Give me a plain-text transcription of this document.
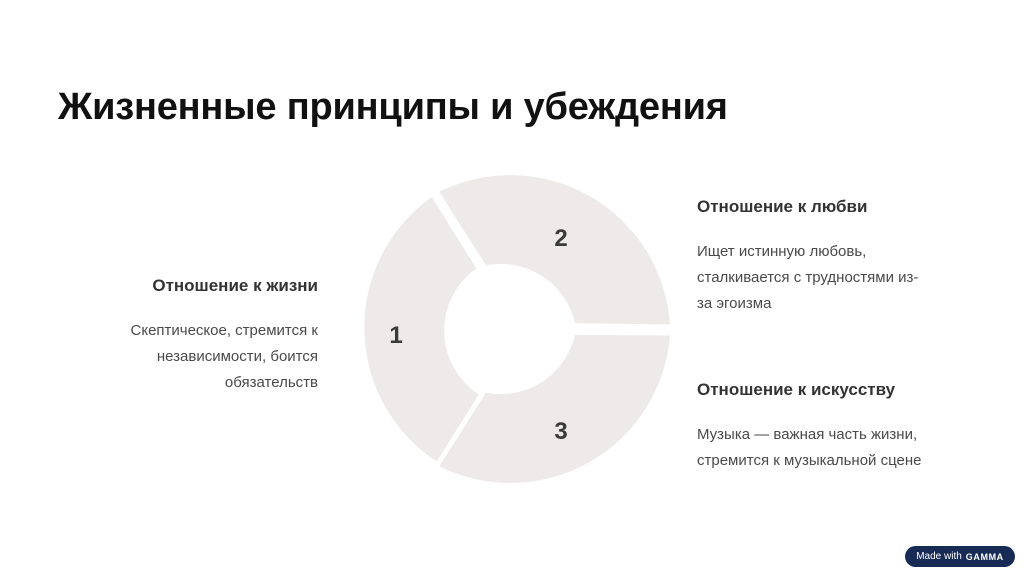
Жизненные принципы и убеждения
1
2
3
Отношение к жизни

Скептическое, стремится к
независимости, боится
обязательств

Отношение к любви

Ищет истинную любовь,
сталкивается с трудностями из-
за эгоизма

Отношение к искусству

Музыка — важная часть жизни,
стремится к музыкальной сцене

Made with GAMMA
